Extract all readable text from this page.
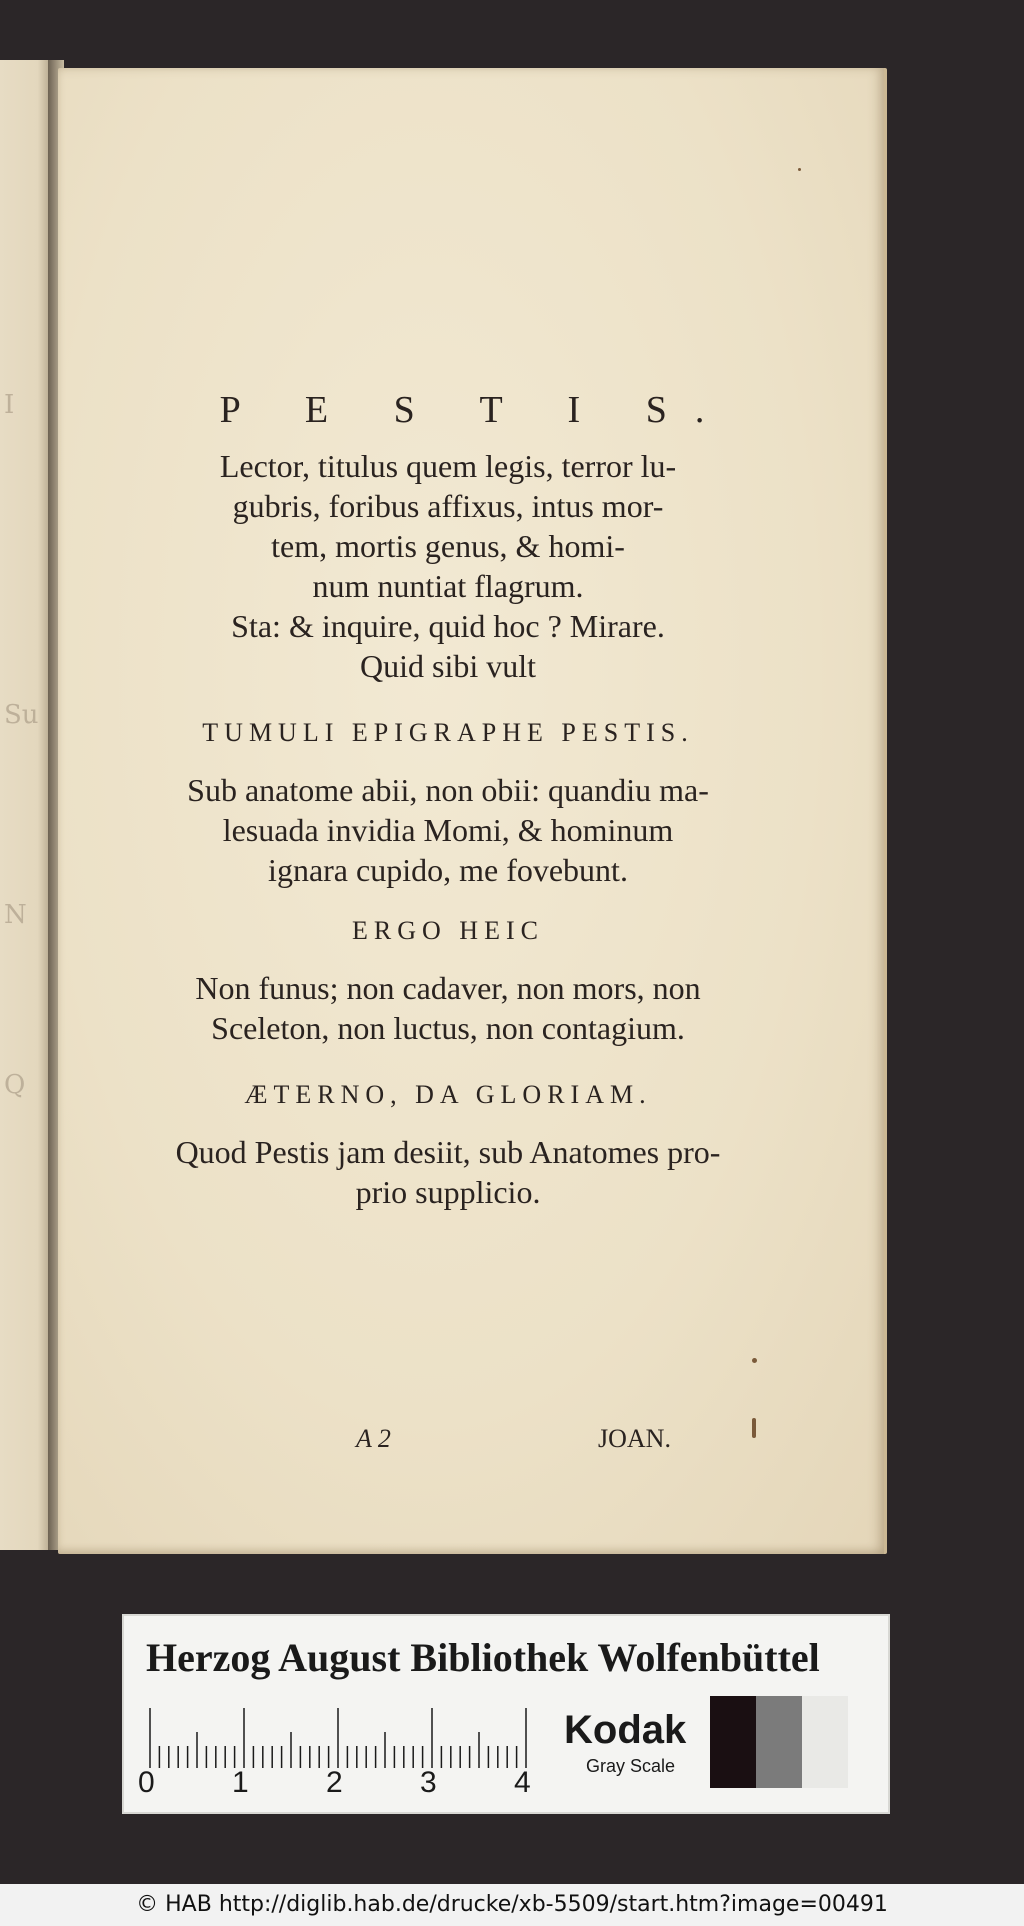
I
Su
N
Q
P E S T I S.
Lector, titulus quem legis, terror lu-
gubris, foribus affixus, intus mor-
tem, mortis genus, & homi-
num nuntiat flagrum.
Sta: & inquire, quid hoc ? Mirare.
Quid sibi vult
TUMULI EPIGRAPHE PESTIS.
Sub anatome abii, non obii: quandiu ma-
lesuada invidia Momi, & hominum
ignara cupido, me fovebunt.
ERGO HEIC
Non funus; non cadaver, non mors, non
Sceleton, non luctus, non contagium.
ÆTERNO, DA GLORIAM.
Quod Pestis jam desiit, sub Anatomes pro-
prio supplicio.
A 2	JOAN.
Herzog August Bibliothek Wolfenbüttel
0	1	2	3	4
Kodak
Gray Scale
© HAB http://diglib.hab.de/drucke/xb-5509/start.htm?image=00491
